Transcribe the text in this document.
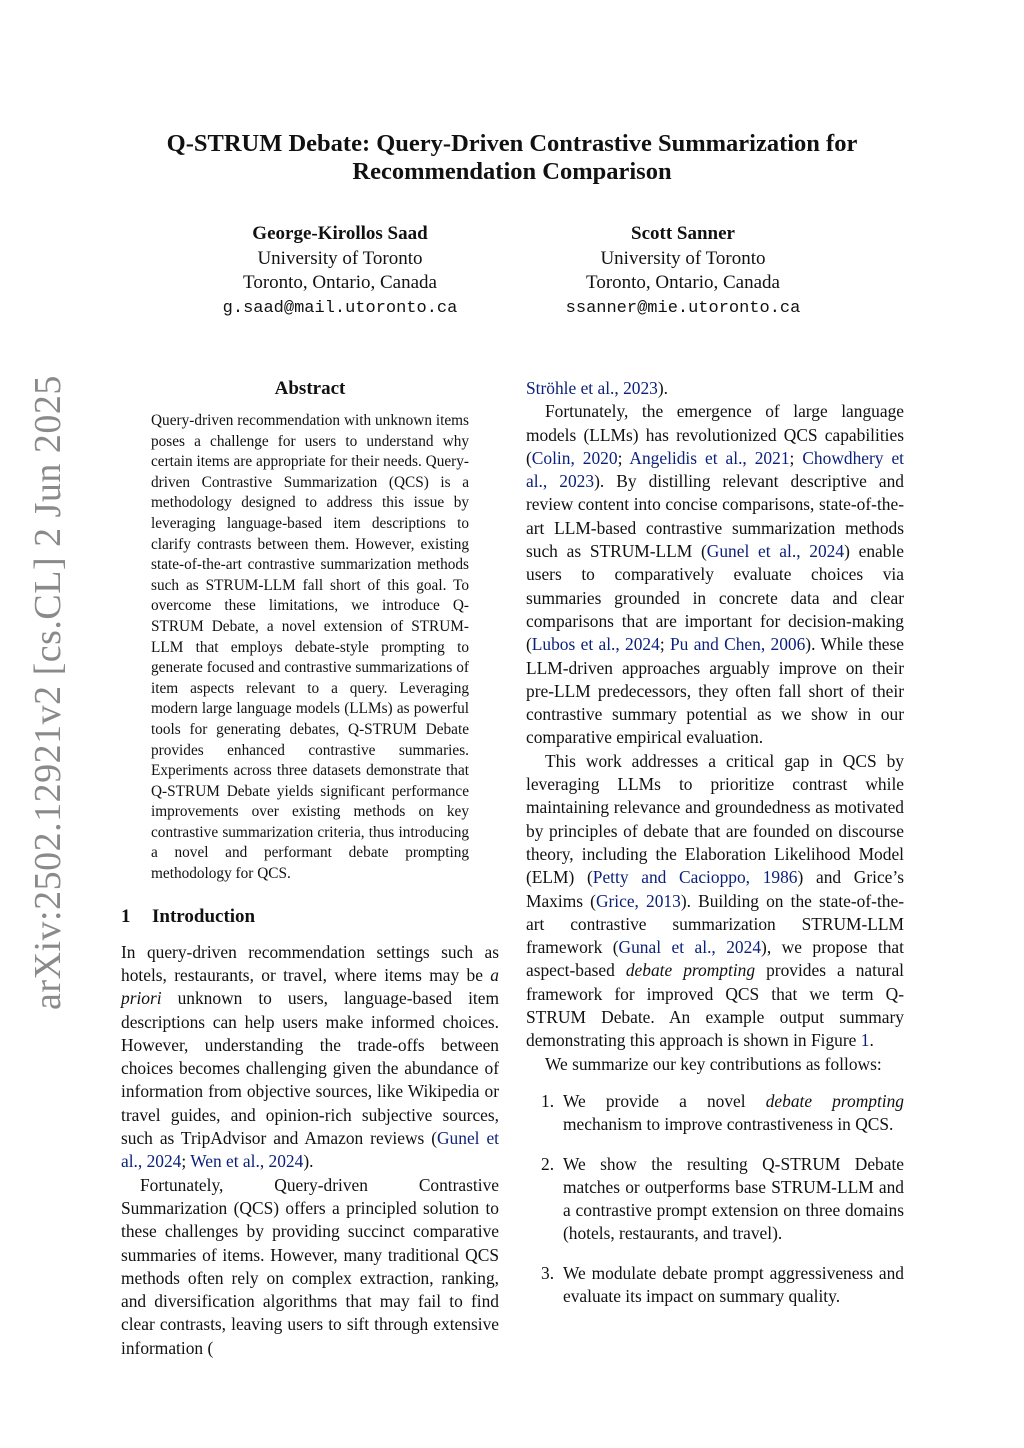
arXiv:2502.12921v2 [cs.CL] 2 Jun 2025
Q-STRUM Debate: Query-Driven Contrastive Summarization for
Recommendation Comparison
George-Kirollos Saad
University of Toronto
Toronto, Ontario, Canada
g.saad@mail.utoronto.ca
Scott Sanner
University of Toronto
Toronto, Ontario, Canada
ssanner@mie.utoronto.ca
Abstract

Query-driven recommendation with unknown items poses a challenge for users to understand why certain items are appropriate for their needs. Query-driven Contrastive Summarization (QCS) is a methodology designed to address this issue by leveraging language-based item descriptions to clarify contrasts between them. However, existing state-of-the-art contrastive summarization methods such as STRUM-LLM fall short of this goal. To overcome these limitations, we introduce Q-STRUM Debate, a novel extension of STRUM-LLM that employs debate-style prompting to generate focused and contrastive summarizations of item aspects relevant to a query. Leveraging modern large language models (LLMs) as powerful tools for generating debates, Q-STRUM Debate provides enhanced contrastive summaries. Experiments across three datasets demonstrate that Q-STRUM Debate yields significant performance improvements over existing methods on key contrastive summarization criteria, thus introducing a novel and performant debate prompting methodology for QCS.

1 Introduction

In query-driven recommendation settings such as hotels, restaurants, or travel, where items may be a priori unknown to users, language-based item descriptions can help users make informed choices. However, understanding the trade-offs between choices becomes challenging given the abundance of information from objective sources, like Wikipedia or travel guides, and opinion-rich subjective sources, such as TripAdvisor and Amazon reviews (Gunel et al., 2024; Wen et al., 2024).

Fortunately, Query-driven Contrastive Summarization (QCS) offers a principled solution to these challenges by providing succinct comparative summaries of items. However, many traditional QCS methods often rely on complex extraction, ranking, and diversification algorithms that may fail to find clear contrasts, leaving users to sift through extensive information (

Ströhle et al., 2023).

Fortunately, the emergence of large language models (LLMs) has revolutionized QCS capabilities (Colin, 2020; Angelidis et al., 2021; Chowdhery et al., 2023). By distilling relevant descriptive and review content into concise comparisons, state-of-the-art LLM-based contrastive summarization methods such as STRUM-LLM (Gunel et al., 2024) enable users to comparatively evaluate choices via summaries grounded in concrete data and clear comparisons that are important for decision-making (Lubos et al., 2024; Pu and Chen, 2006). While these LLM-driven approaches arguably improve on their pre-LLM predecessors, they often fall short of their contrastive summary potential as we show in our comparative empirical evaluation.

This work addresses a critical gap in QCS by leveraging LLMs to prioritize contrast while maintaining relevance and groundedness as motivated by principles of debate that are founded on discourse theory, including the Elaboration Likelihood Model (ELM) (Petty and Cacioppo, 1986) and Grice’s Maxims (Grice, 2013). Building on the state-of-the-art contrastive summarization STRUM-LLM framework (Gunal et al., 2024), we propose that aspect-based debate prompting provides a natural framework for improved QCS that we term Q-STRUM Debate. An example output summary demonstrating this approach is shown in Figure 1.

We summarize our key contributions as follows:

1. We provide a novel debate prompting mechanism to improve contrastiveness in QCS.
2. We show the resulting Q-STRUM Debate matches or outperforms base STRUM-LLM and a contrastive prompt extension on three domains (hotels, restaurants, and travel).
3. We modulate debate prompt aggressiveness and evaluate its impact on summary quality.
